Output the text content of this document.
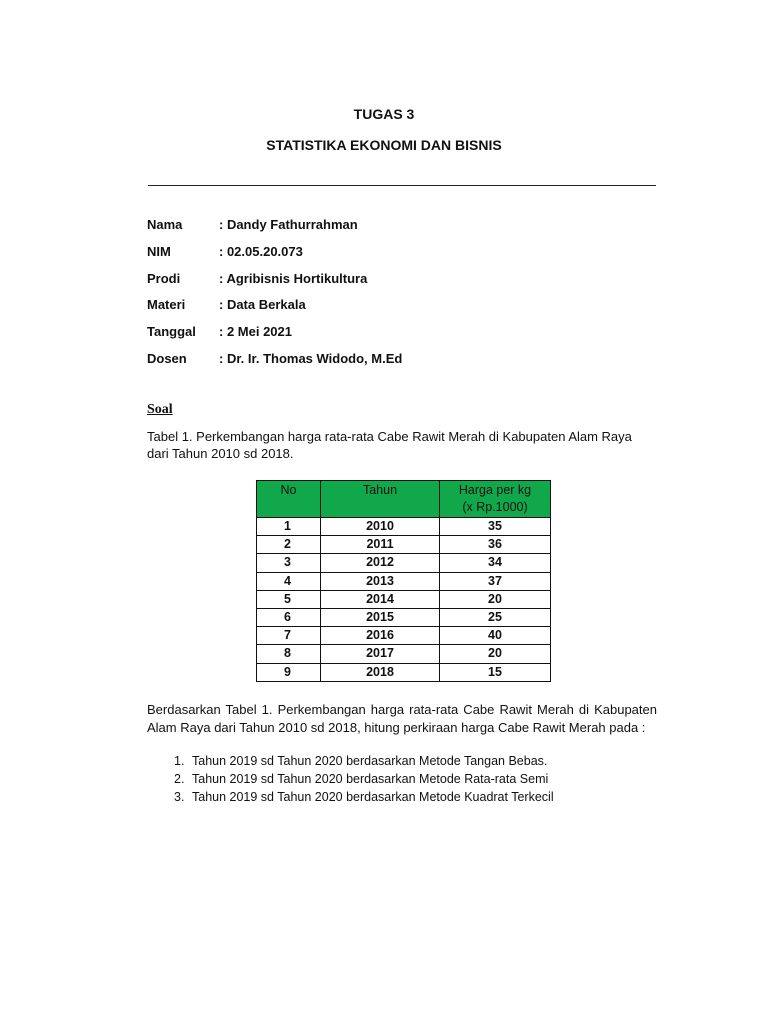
TUGAS 3
STATISTIKA EKONOMI DAN BISNIS
Nama	: Dandy Fathurrahman
NIM	: 02.05.20.073
Prodi	: Agribisnis Hortikultura
Materi	: Data Berkala
Tanggal	: 2 Mei 2021
Dosen	: Dr. Ir. Thomas Widodo, M.Ed
Soal
Tabel 1. Perkembangan harga rata-rata Cabe Rawit Merah di Kabupaten Alam Raya dari Tahun 2010 sd 2018.
No	Tahun	Harga per kg
(x Rp.1000)

1	2010	35
2	2011	36
3	2012	34
4	2013	37
5	2014	20
6	2015	25
7	2016	40
8	2017	20
9	2018	15
Berdasarkan Tabel 1. Perkembangan harga rata-rata Cabe Rawit Merah di Kabupaten Alam Raya dari Tahun 2010 sd 2018, hitung perkiraan harga Cabe Rawit Merah pada :
1. Tahun 2019 sd Tahun 2020 berdasarkan Metode Tangan Bebas.
2. Tahun 2019 sd Tahun 2020 berdasarkan Metode Rata-rata Semi
3. Tahun 2019 sd Tahun 2020 berdasarkan Metode Kuadrat Terkecil
